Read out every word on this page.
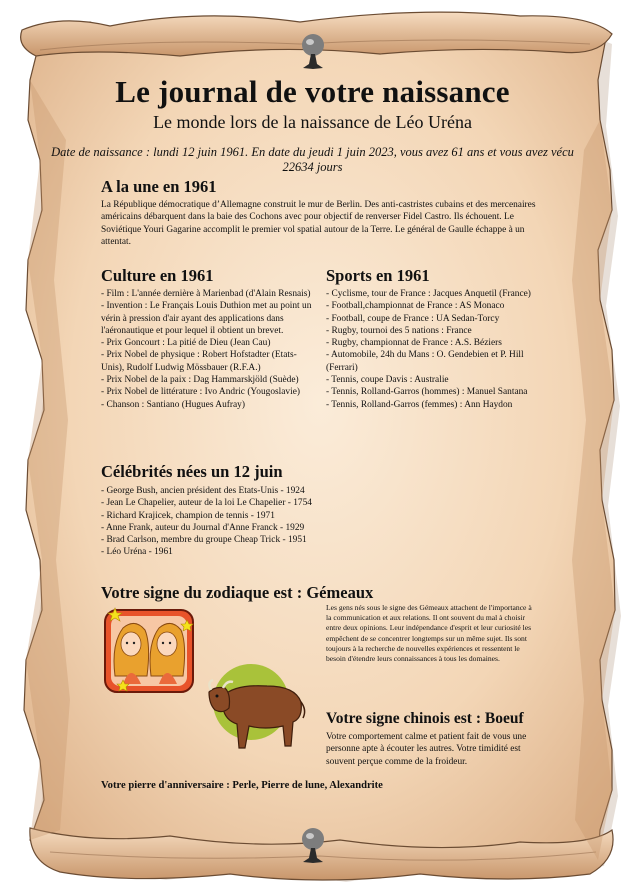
Le journal de votre naissance
Le monde lors de la naissance de Léo Uréna
Date de naissance : lundi 12 juin 1961. En date du jeudi 1 juin 2023, vous avez 61 ans et vous avez vécu 22634 jours
A la une en 1961
La République démocratique d’Allemagne construit le mur de Berlin. Des anti-castristes cubains et des mercenaires américains débarquent dans la baie des Cochons avec pour objectif de renverser Fidel Castro. Ils échouent. Le Soviétique Youri Gagarine accomplit le premier vol spatial autour de la Terre. Le général de Gaulle échappe à un attentat.
Culture en 1961
- Film : L'année dernière à Marienbad (d'Alain Resnais)
- Invention : Le Français Louis Duthion met au point un vérin à pression d'air ayant des applications dans l'aéronautique et pour lequel il obtient un brevet.
- Prix Goncourt : La pitié de Dieu (Jean Cau)
- Prix Nobel de physique : Robert Hofstadter (Etats-Unis), Rudolf Ludwig Mössbauer (R.F.A.)
- Prix Nobel de la paix : Dag Hammarskjöld (Suède)
- Prix Nobel de littérature : Ivo Andric (Yougoslavie)
- Chanson : Santiano (Hugues Aufray)
Sports en 1961
- Cyclisme, tour de France : Jacques Anquetil (France)
- Football,championnat de France : AS Monaco
- Football, coupe de France : UA Sedan-Torcy
- Rugby, tournoi des 5 nations : France
- Rugby, championnat de France : A.S. Béziers
- Automobile, 24h du Mans : O. Gendebien et P. Hill (Ferrari)
- Tennis, coupe Davis : Australie
- Tennis, Rolland-Garros (hommes) : Manuel Santana
- Tennis, Rolland-Garros (femmes) : Ann Haydon
Célébrités nées un 12 juin
- George Bush, ancien président des Etats-Unis - 1924
- Jean Le Chapelier, auteur de la loi Le Chapelier - 1754
- Richard Krajicek, champion de tennis - 1971
- Anne Frank, auteur du Journal d'Anne Franck - 1929
- Brad Carlson, membre du groupe Cheap Trick - 1951
- Léo Uréna - 1961
Votre signe du zodiaque est : Gémeaux
Les gens nés sous le signe des Gémeaux attachent de l'importance à la communication et aux relations. Il ont souvent du mal à choisir entre deux opinions. Leur indépendance d'esprit et leur curiosité les empêchent de se concentrer longtemps sur un même sujet. Ils sont toujours à la recherche de nouvelles expériences et ressentent le besoin d'étendre leurs connaissances à tous les domaines.
Votre signe chinois est : Boeuf
Votre comportement calme et patient fait de vous une personne apte à écouter les autres. Votre timidité est souvent perçue comme de la froideur.
Votre pierre d'anniversaire : Perle, Pierre de lune, Alexandrite
